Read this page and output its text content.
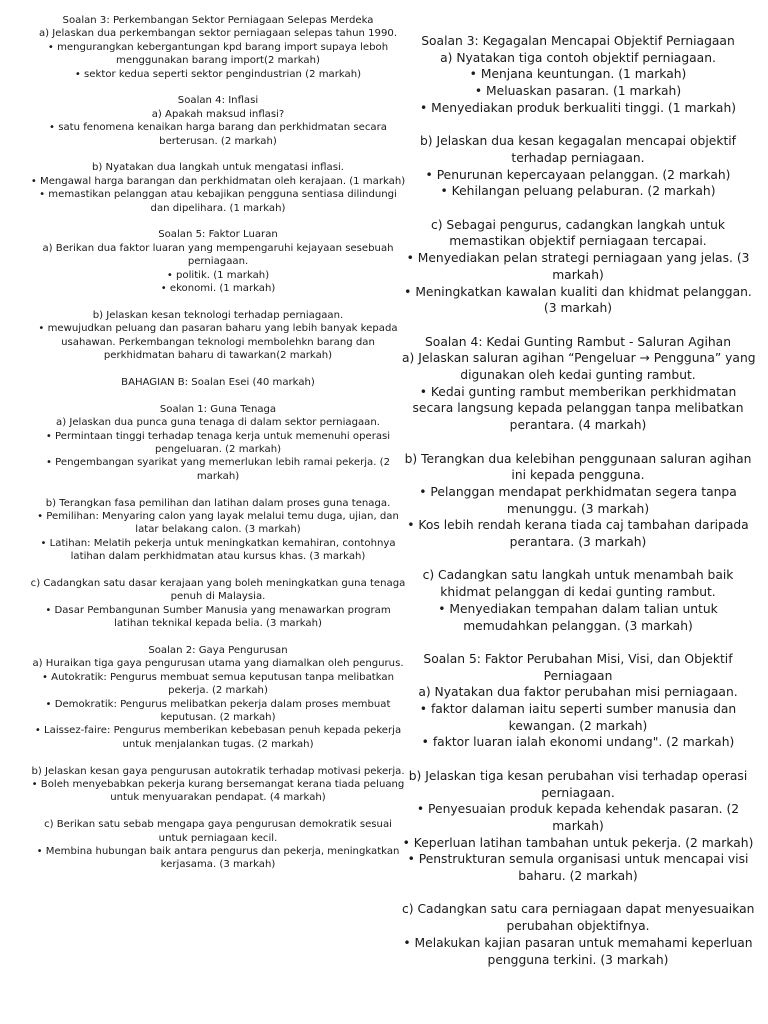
Soalan 3: Perkembangan Sektor Perniagaan Selepas Merdeka
a) Jelaskan dua perkembangan sektor perniagaan selepas tahun 1990.
• mengurangkan kebergantungan kpd barang import supaya leboh
menggunakan barang import(2 markah)
• sektor kedua seperti sektor pengindustrian (2 markah)
Soalan 4: Inflasi
a) Apakah maksud inflasi?
• satu fenomena kenaikan harga barang dan perkhidmatan secara
berterusan. (2 markah)
b) Nyatakan dua langkah untuk mengatasi inflasi.
• Mengawal harga barangan dan perkhidmatan oleh kerajaan. (1 markah)
• memastikan pelanggan atau kebajikan pengguna sentiasa dilindungi
dan dipelihara. (1 markah)
Soalan 5: Faktor Luaran
a) Berikan dua faktor luaran yang mempengaruhi kejayaan sesebuah
perniagaan.
• politik. (1 markah)
• ekonomi. (1 markah)
b) Jelaskan kesan teknologi terhadap perniagaan.
• mewujudkan peluang dan pasaran baharu yang lebih banyak kepada
usahawan. Perkembangan teknologi membolehkn barang dan
perkhidmatan baharu di tawarkan(2 markah)
BAHAGIAN B: Soalan Esei (40 markah)
Soalan 1: Guna Tenaga
a) Jelaskan dua punca guna tenaga di dalam sektor perniagaan.
• Permintaan tinggi terhadap tenaga kerja untuk memenuhi operasi
pengeluaran. (2 markah)
• Pengembangan syarikat yang memerlukan lebih ramai pekerja. (2
markah)
b) Terangkan fasa pemilihan dan latihan dalam proses guna tenaga.
• Pemilihan: Menyaring calon yang layak melalui temu duga, ujian, dan
latar belakang calon. (3 markah)
• Latihan: Melatih pekerja untuk meningkatkan kemahiran, contohnya
latihan dalam perkhidmatan atau kursus khas. (3 markah)
c) Cadangkan satu dasar kerajaan yang boleh meningkatkan guna tenaga
penuh di Malaysia.
• Dasar Pembangunan Sumber Manusia yang menawarkan program
latihan teknikal kepada belia. (3 markah)
Soalan 2: Gaya Pengurusan
a) Huraikan tiga gaya pengurusan utama yang diamalkan oleh pengurus.
• Autokratik: Pengurus membuat semua keputusan tanpa melibatkan
pekerja. (2 markah)
• Demokratik: Pengurus melibatkan pekerja dalam proses membuat
keputusan. (2 markah)
• Laissez-faire: Pengurus memberikan kebebasan penuh kepada pekerja
untuk menjalankan tugas. (2 markah)
b) Jelaskan kesan gaya pengurusan autokratik terhadap motivasi pekerja.
• Boleh menyebabkan pekerja kurang bersemangat kerana tiada peluang
untuk menyuarakan pendapat. (4 markah)
c) Berikan satu sebab mengapa gaya pengurusan demokratik sesuai
untuk perniagaan kecil.
• Membina hubungan baik antara pengurus dan pekerja, meningkatkan
kerjasama. (3 markah)
Soalan 3: Kegagalan Mencapai Objektif Perniagaan
a) Nyatakan tiga contoh objektif perniagaan.
• Menjana keuntungan. (1 markah)
• Meluaskan pasaran. (1 markah)
• Menyediakan produk berkualiti tinggi. (1 markah)
b) Jelaskan dua kesan kegagalan mencapai objektif
terhadap perniagaan.
• Penurunan kepercayaan pelanggan. (2 markah)
• Kehilangan peluang pelaburan. (2 markah)
c) Sebagai pengurus, cadangkan langkah untuk
memastikan objektif perniagaan tercapai.
• Menyediakan pelan strategi perniagaan yang jelas. (3
markah)
• Meningkatkan kawalan kualiti dan khidmat pelanggan.
(3 markah)
Soalan 4: Kedai Gunting Rambut - Saluran Agihan
a) Jelaskan saluran agihan “Pengeluar → Pengguna” yang
digunakan oleh kedai gunting rambut.
• Kedai gunting rambut memberikan perkhidmatan
secara langsung kepada pelanggan tanpa melibatkan
perantara. (4 markah)
b) Terangkan dua kelebihan penggunaan saluran agihan
ini kepada pengguna.
• Pelanggan mendapat perkhidmatan segera tanpa
menunggu. (3 markah)
• Kos lebih rendah kerana tiada caj tambahan daripada
perantara. (3 markah)
c) Cadangkan satu langkah untuk menambah baik
khidmat pelanggan di kedai gunting rambut.
• Menyediakan tempahan dalam talian untuk
memudahkan pelanggan. (3 markah)
Soalan 5: Faktor Perubahan Misi, Visi, dan Objektif
Perniagaan
a) Nyatakan dua faktor perubahan misi perniagaan.
• faktor dalaman iaitu seperti sumber manusia dan
kewangan. (2 markah)
• faktor luaran ialah ekonomi undang". (2 markah)
b) Jelaskan tiga kesan perubahan visi terhadap operasi
perniagaan.
• Penyesuaian produk kepada kehendak pasaran. (2
markah)
• Keperluan latihan tambahan untuk pekerja. (2 markah)
• Penstrukturan semula organisasi untuk mencapai visi
baharu. (2 markah)
c) Cadangkan satu cara perniagaan dapat menyesuaikan
perubahan objektifnya.
• Melakukan kajian pasaran untuk memahami keperluan
pengguna terkini. (3 markah)
